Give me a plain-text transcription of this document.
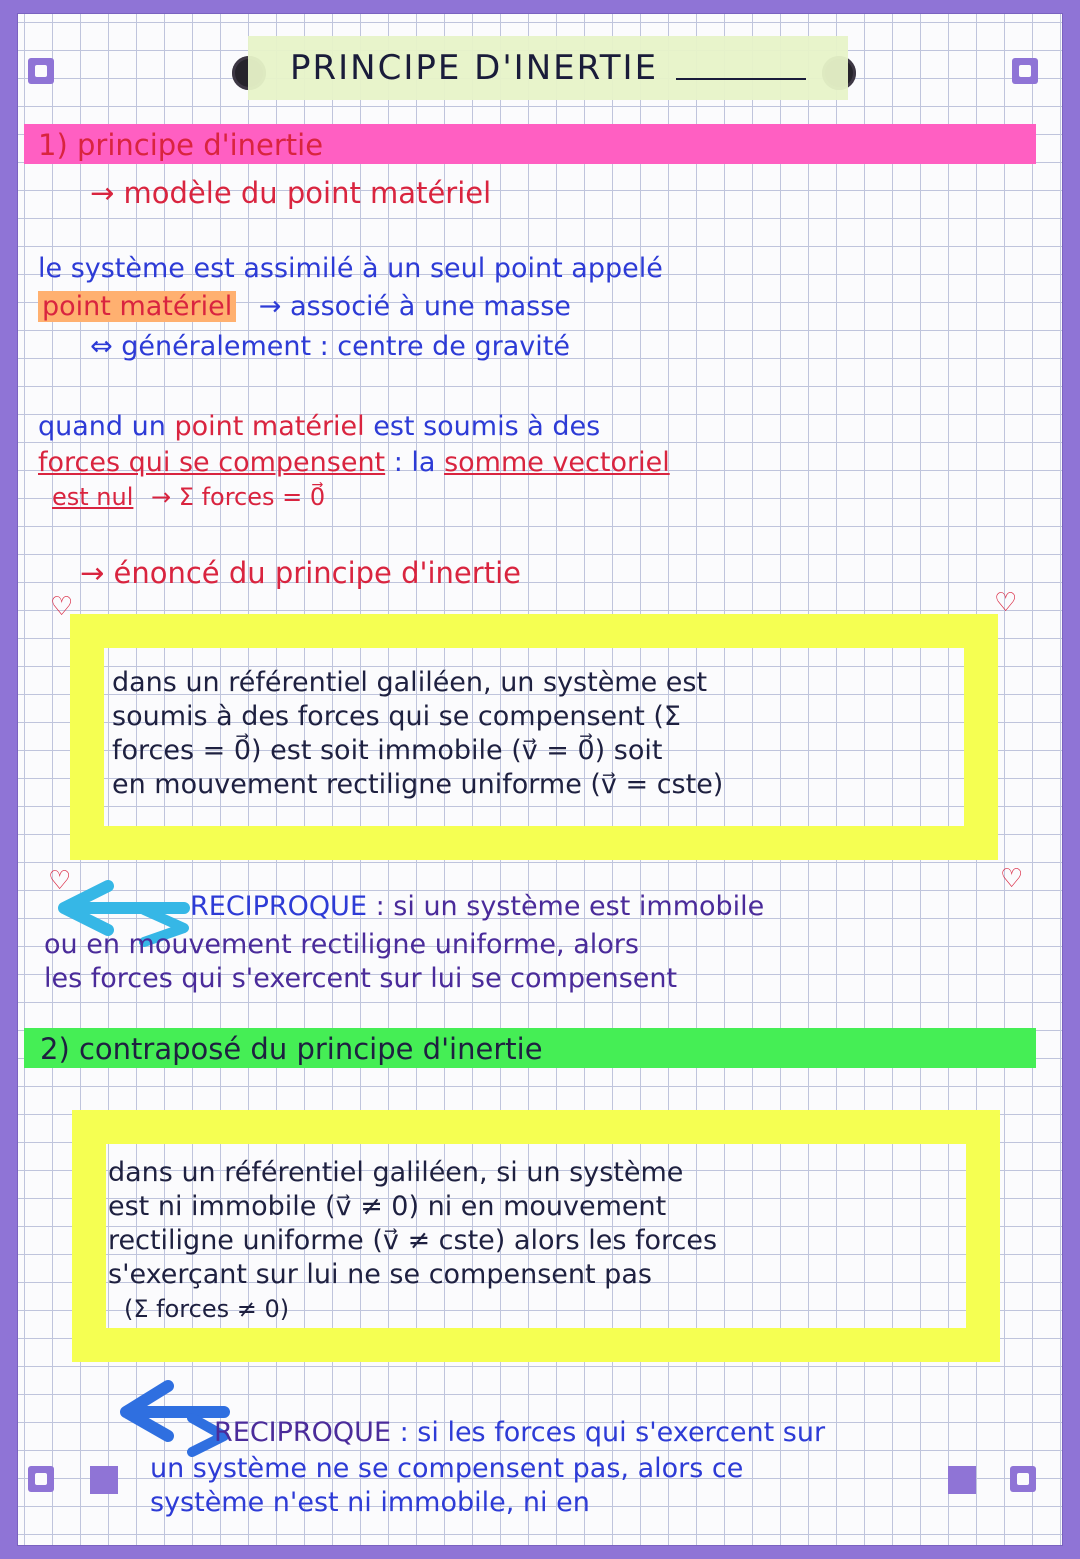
PRINCIPE D'INERTIE
1) principe d'inertie
→ modèle du point matériel
le système est assimilé à un seul point appelé
point matériel → associé à une masse
⇔ généralement : centre de gravité
quand un point matériel est soumis à des
forces qui se compensent : la somme vectoriel
est nul → Σ forces = 0⃗
→ énoncé du principe d'inertie
♡	♡
dans un référentiel galiléen, un système est
soumis à des forces qui se compensent (Σ
forces = 0⃗) est soit immobile (v⃗ = 0⃗) soit
en mouvement rectiligne uniforme (v⃗ = cste)
♡	♡
RECIPROQUE : si un système est immobile
ou en mouvement rectiligne uniforme, alors
les forces qui s'exercent sur lui se compensent
2) contraposé du principe d'inertie
dans un référentiel galiléen, si un système
est ni immobile (v⃗ ≠ 0) ni en mouvement
rectiligne uniforme (v⃗ ≠ cste) alors les forces
s'exerçant sur lui ne se compensent pas
(Σ forces ≠ 0)
RECIPROQUE : si les forces qui s'exercent sur
un système ne se compensent pas, alors ce
système n'est ni immobile, ni en
